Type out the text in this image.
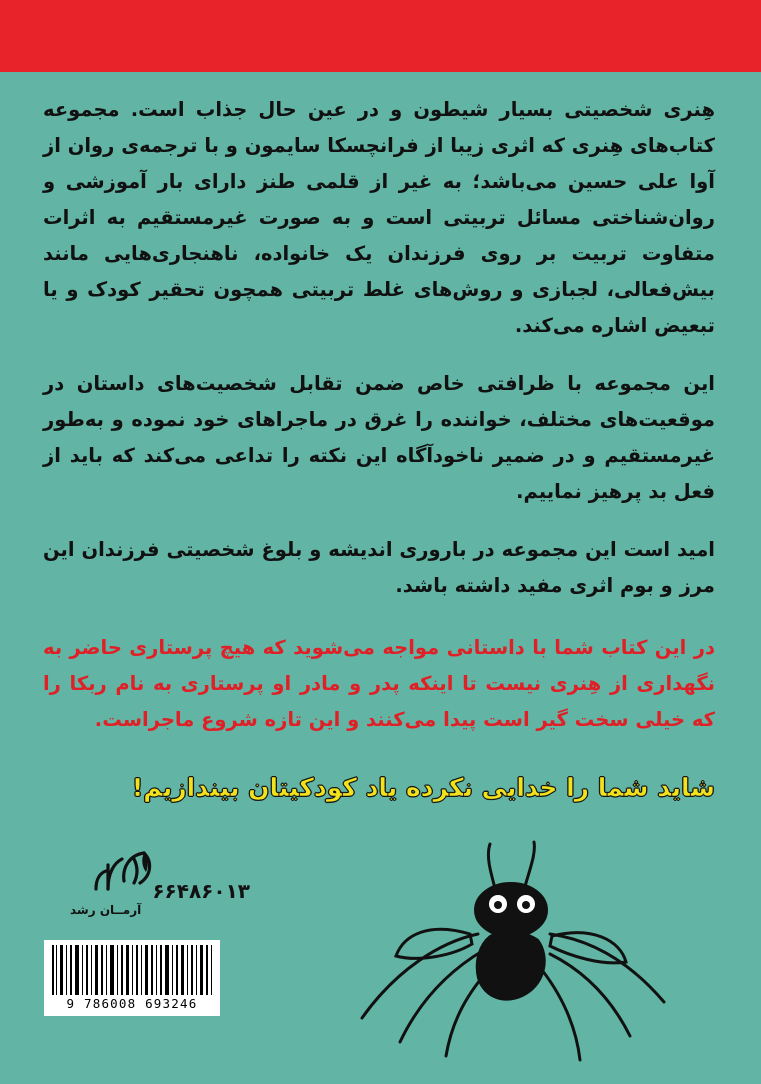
هِنری شخصیتی بسیار شیطون و در عین حال جذاب است. مجموعه کتاب‌های هِنری که اثری زیبا از فرانچسکا سایمون و با ترجمه‌ی روان از آوا علی حسین می‌باشد؛ به غیر از قلمی طنز دارای بار آموزشی و روان‌شناختی مسائل تربیتی است و به صورت غیرمستقیم به اثرات متفاوت تربیت بر روی فرزندان یک خانواده، ناهنجاری‌هایی مانند بیش‌فعالی، لجبازی و روش‌های غلط تربیتی همچون تحقیر کودک و یا تبعیض اشاره می‌کند.

این مجموعه با ظرافتی خاص ضمن تقابل شخصیت‌های داستان در موقعیت‌های مختلف، خواننده را غرق در ماجراهای خود نموده و به‌طور غیرمستقیم و در ضمیر ناخودآگاه این نکته را تداعی می‌کند که باید از فعل بد پرهیز نماییم.

امید است این مجموعه در باروری اندیشه و بلوغ شخصیتی فرزندان این مرز و بوم اثری مفید داشته باشد.

در این کتاب شما با داستانی مواجه می‌شوید که هیچ پرستاری حاضر به نگهداری از هِنری نیست تا اینکه پدر و مادر او پرستاری به نام ربکا را که خیلی سخت گیر است پیدا می‌کنند و این تازه شروع ماجراست.

شاید شما را خدایی نکرده یاد کودکیتان بیندازیم!

۶۶۴۸۶۰۱۳
آرمــان رشد
9 786008 693246
